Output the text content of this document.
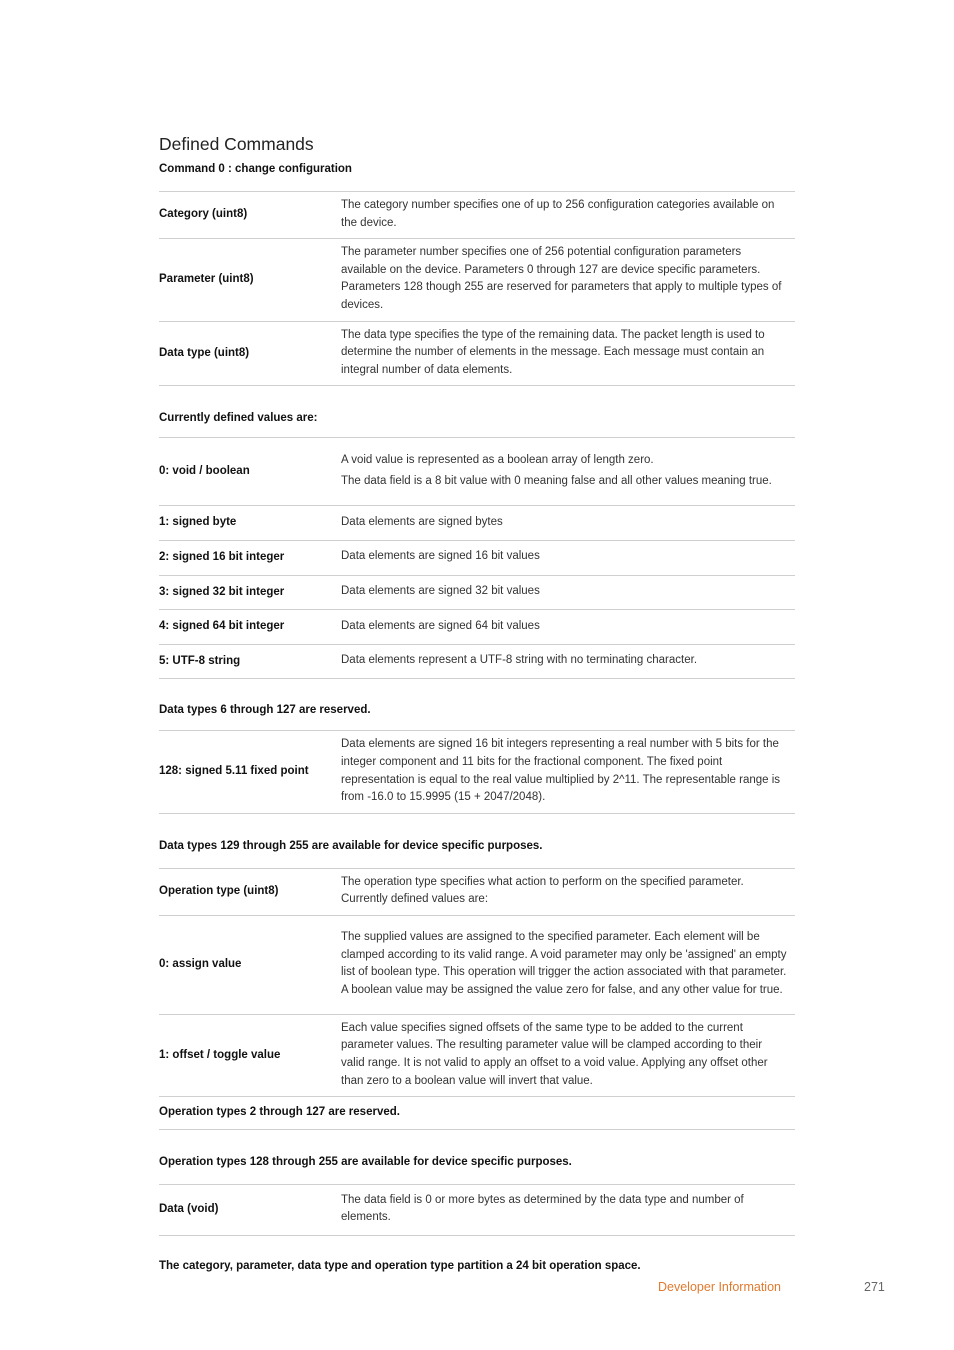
Defined Commands
Command 0 : change configuration
Category (uint8)	The category number specifies one of up to 256 configuration categories available on the device.
Parameter (uint8)	The parameter number specifies one of 256 potential configuration parameters available on the device. Parameters 0 through 127 are device specific parameters. Parameters 128 though 255 are reserved for parameters that apply to multiple types of devices.
Data type (uint8)	The data type specifies the type of the remaining data. The packet length is used to determine the number of elements in the message. Each message must contain an integral number of data elements.
Currently defined values are:
0: void / boolean	A void value is represented as a boolean array of length zero.
The data field is a 8 bit value with 0 meaning false and all other values meaning true.

1: signed byte	Data elements are signed bytes
2: signed 16 bit integer	Data elements are signed 16 bit values
3: signed 32 bit integer	Data elements are signed 32 bit values
4: signed 64 bit integer	Data elements are signed 64 bit values
5: UTF-8 string	Data elements represent a UTF-8 string with no terminating character.
Data types 6 through 127 are reserved.
128: signed 5.11 fixed point	Data elements are signed 16 bit integers representing a real number with 5 bits for the integer component and 11 bits for the fractional component. The fixed point representation is equal to the real value multiplied by 2^11. The representable range is from -16.0 to 15.9995 (15 + 2047/2048).
Data types 129 through 255 are available for device specific purposes.
Operation type (uint8)	The operation type specifies what action to perform on the specified parameter. Currently defined values are:
0: assign value	The supplied values are assigned to the specified parameter. Each element will be clamped according to its valid range. A void parameter may only be 'assigned' an empty list of boolean type. This operation will trigger the action associated with that parameter. A boolean value may be assigned the value zero for false, and any other value for true.
1: offset / toggle value	Each value specifies signed offsets of the same type to be added to the current parameter values. The resulting parameter value will be clamped according to their valid range. It is not valid to apply an offset to a void value. Applying any offset other than zero to a boolean value will invert that value.
Operation types 2 through 127 are reserved.	
Operation types 128 through 255 are available for device specific purposes.
Data (void)	The data field is 0 or more bytes as determined by the data type and number of elements.
The category, parameter, data type and operation type partition a 24 bit operation space.
Developer Information	271
